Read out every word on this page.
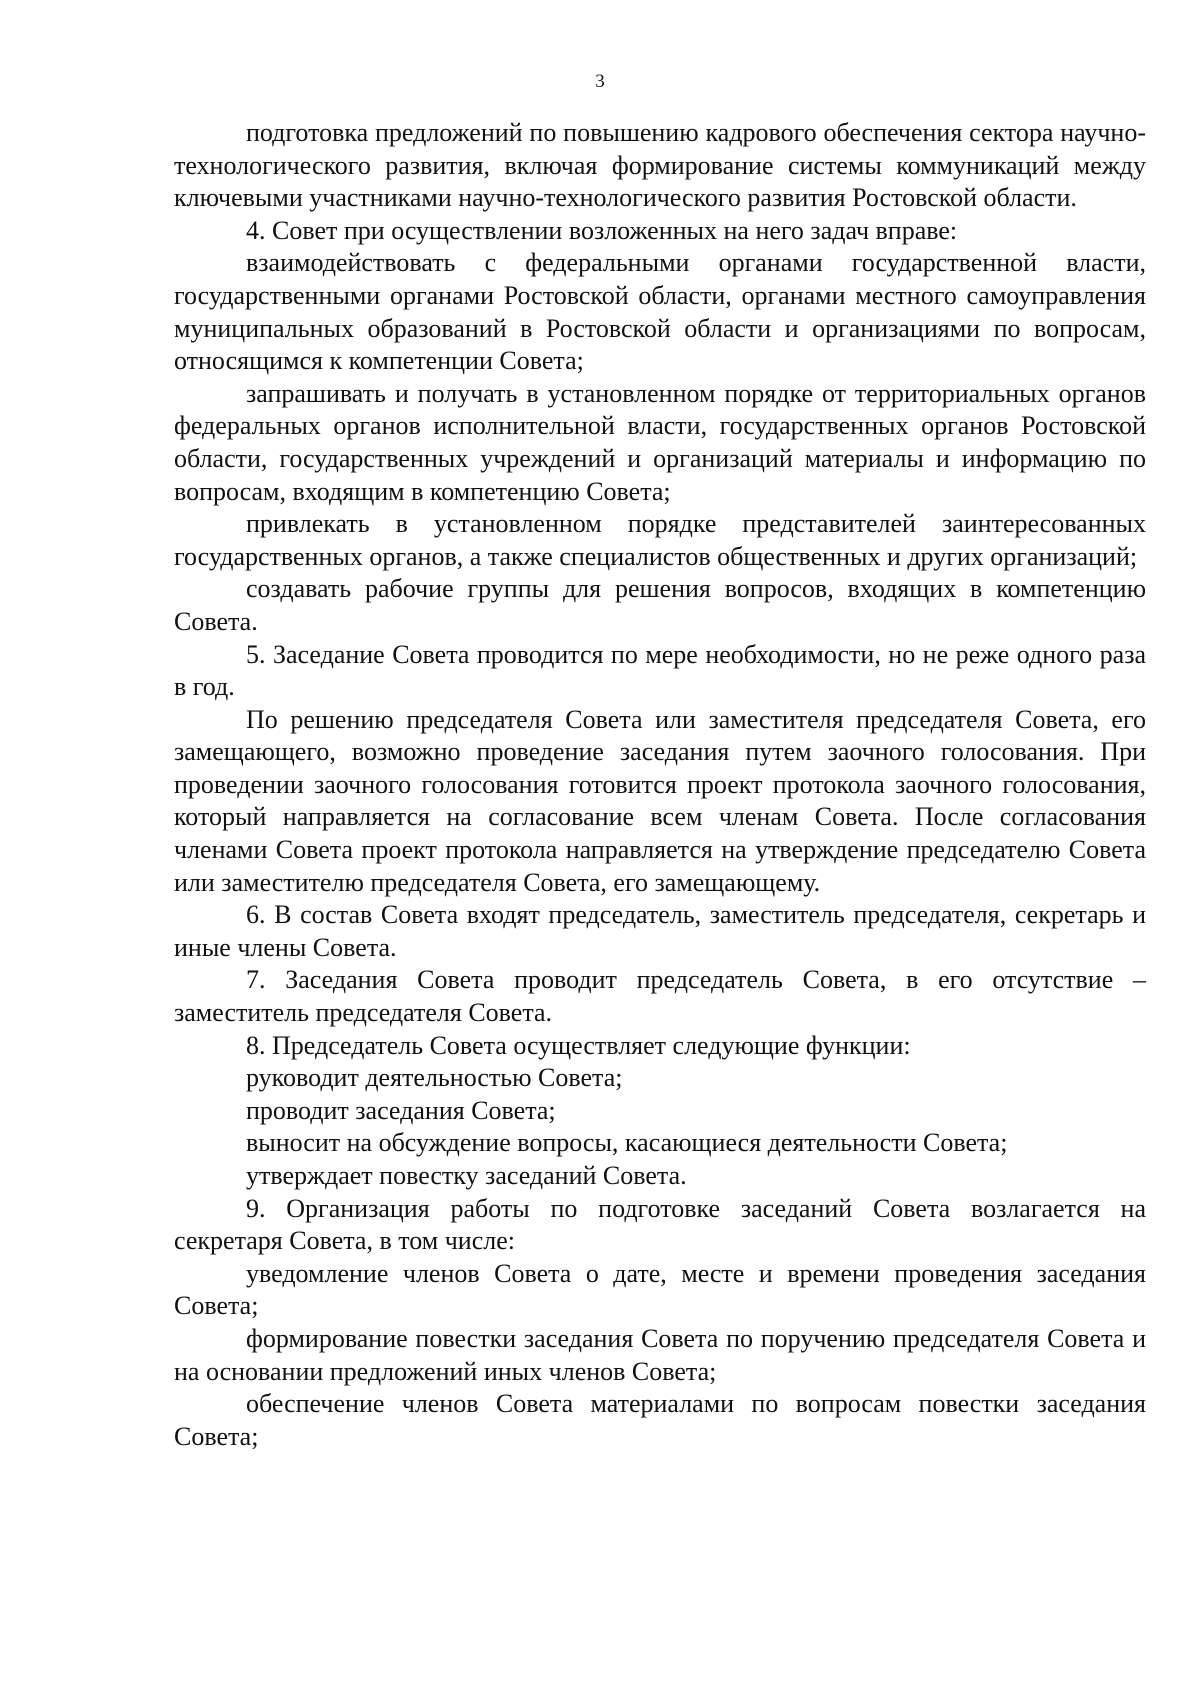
3

подготовка предложений по повышению кадрового обеспечения сектора научно-технологического развития, включая формирование системы коммуникаций между ключевыми участниками научно-технологического развития Ростовской области.

4. Совет при осуществлении возложенных на него задач вправе:

взаимодействовать с федеральными органами государственной власти, государственными органами Ростовской области, органами местного самоуправления муниципальных образований в Ростовской области и организациями по вопросам, относящимся к компетенции Совета;

запрашивать и получать в установленном порядке от территориальных органов федеральных органов исполнительной власти, государственных органов Ростовской области, государственных учреждений и организаций материалы и информацию по вопросам, входящим в компетенцию Совета;

привлекать в установленном порядке представителей заинтересованных государственных органов, а также специалистов общественных и других организаций;

создавать рабочие группы для решения вопросов, входящих в компетенцию Совета.

5. Заседание Совета проводится по мере необходимости, но не реже одного раза в год.

По решению председателя Совета или заместителя председателя Совета, его замещающего, возможно проведение заседания путем заочного голосования. При проведении заочного голосования готовится проект протокола заочного голосования, который направляется на согласование всем членам Совета. После согласования членами Совета проект протокола направляется на утверждение председателю Совета или заместителю председателя Совета, его замещающему.

6. В состав Совета входят председатель, заместитель председателя, секретарь и иные члены Совета.

7. Заседания Совета проводит председатель Совета, в его отсутствие – заместитель председателя Совета.

8. Председатель Совета осуществляет следующие функции:

руководит деятельностью Совета;

проводит заседания Совета;

выносит на обсуждение вопросы, касающиеся деятельности Совета;

утверждает повестку заседаний Совета.

9. Организация работы по подготовке заседаний Совета возлагается на секретаря Совета, в том числе:

уведомление членов Совета о дате, месте и времени проведения заседания Совета;

формирование повестки заседания Совета по поручению председателя Совета и на основании предложений иных членов Совета;

обеспечение членов Совета материалами по вопросам повестки заседания Совета;
